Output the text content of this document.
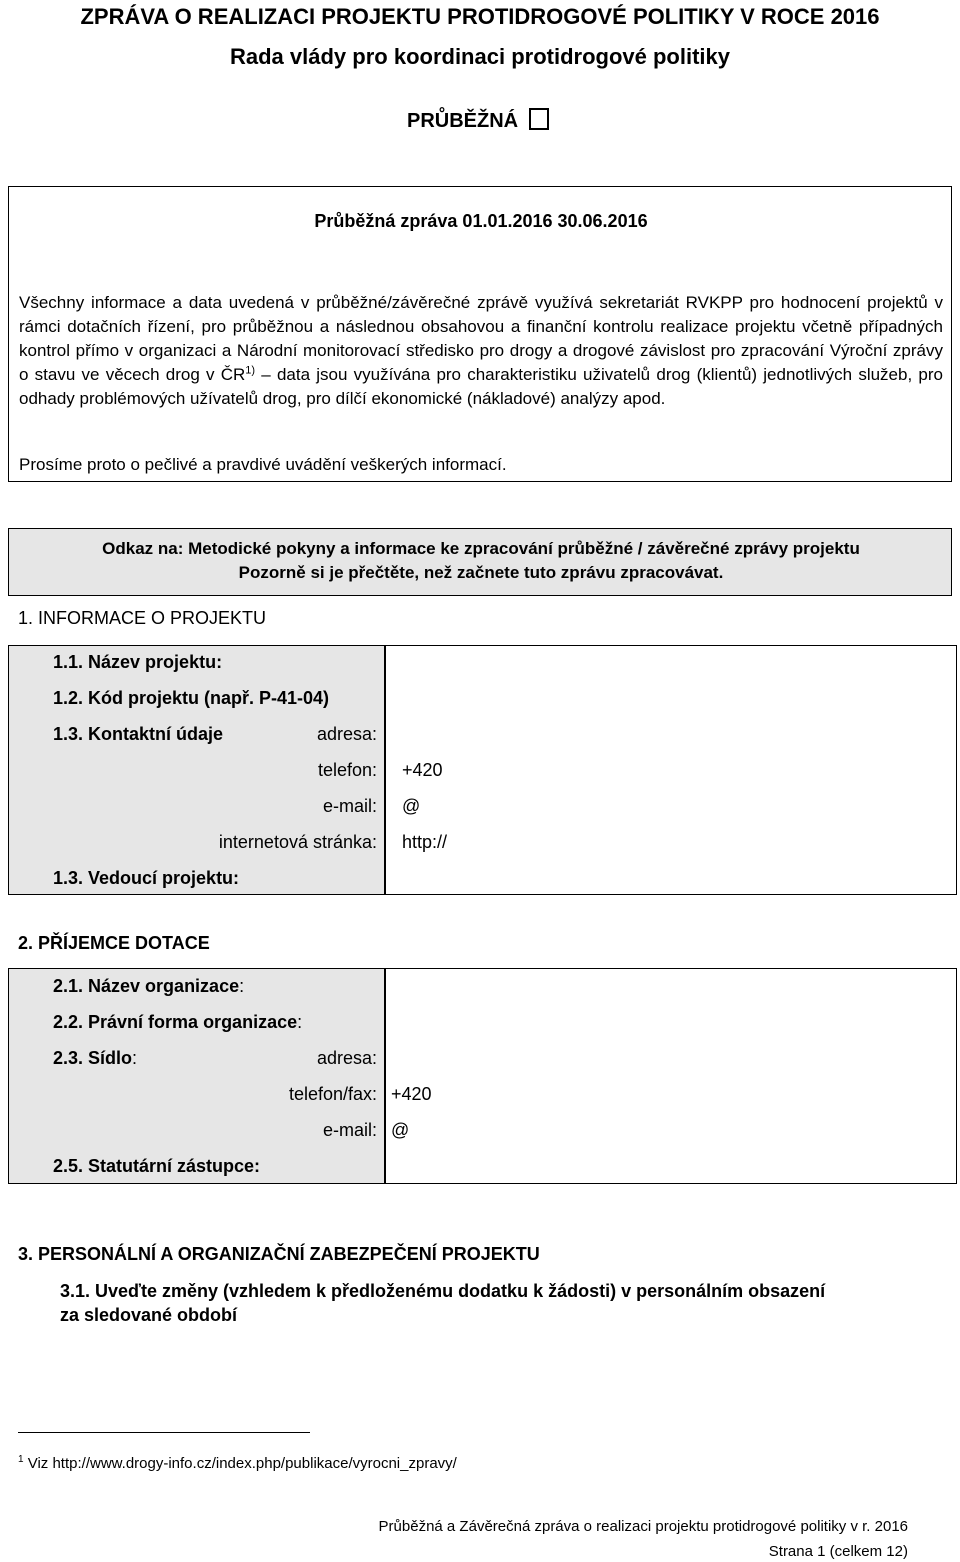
ZPRÁVA O REALIZACI PROJEKTU PROTIDROGOVÉ POLITIKY V ROCE 2016
Rada vlády pro koordinaci protidrogové politiky
PRŮBĚŽNÁ
Průběžná zpráva 01.01.2016 30.06.2016
Všechny informace a data uvedená v průběžné/závěrečné zprávě využívá sekretariát RVKPP pro hodnocení projektů v rámci dotačních řízení, pro průběžnou a následnou obsahovou a finanční kontrolu realizace projektu včetně případných kontrol přímo v organizaci a Národní monitorovací středisko pro drogy a drogové závislost pro zpracování Výroční zprávy o stavu ve věcech drog v ČR$^{1)}$ – data jsou využívána pro charakteristiku uživatelů drog (klientů) jednotlivých služeb, pro odhady problémových užívatelů drog, pro dílčí ekonomické (nákladové) analýzy apod.
Prosíme proto o pečlivé a pravdivé uvádění veškerých informací.
Odkaz na: Metodické pokyny a informace ke zpracování průběžné / závěrečné zprávy projektu
Pozorně si je přečtěte, než začnete tuto zprávu zpracovávat.
1. INFORMACE O PROJEKTU
1.1. Název projektu:
1.2. Kód projektu (např. P-41-04)
1.3. Kontaktní údaje	adresa:
telefon:
e-mail:
internetová stránka:
1.3. Vedoucí projektu:
+420
@
http://
2. PŘÍJEMCE DOTACE
2.1. Název organizace:
2.2. Právní forma organizace:
2.3. Sídlo:	adresa:
telefon/fax:
e-mail:
2.5. Statutární zástupce:
+420
@
3. PERSONÁLNÍ A ORGANIZAČNÍ ZABEZPEČENÍ PROJEKTU
3.1. Uveďte změny (vzhledem k předloženému dodatku k žádosti) v personálním obsazení
za sledované období
$^1$ Viz http://www.drogy-info.cz/index.php/publikace/vyrocni_zpravy/
Průběžná a Závěrečná zpráva o realizaci projektu protidrogové politiky v r. 2016
Strana 1 (celkem 12)
